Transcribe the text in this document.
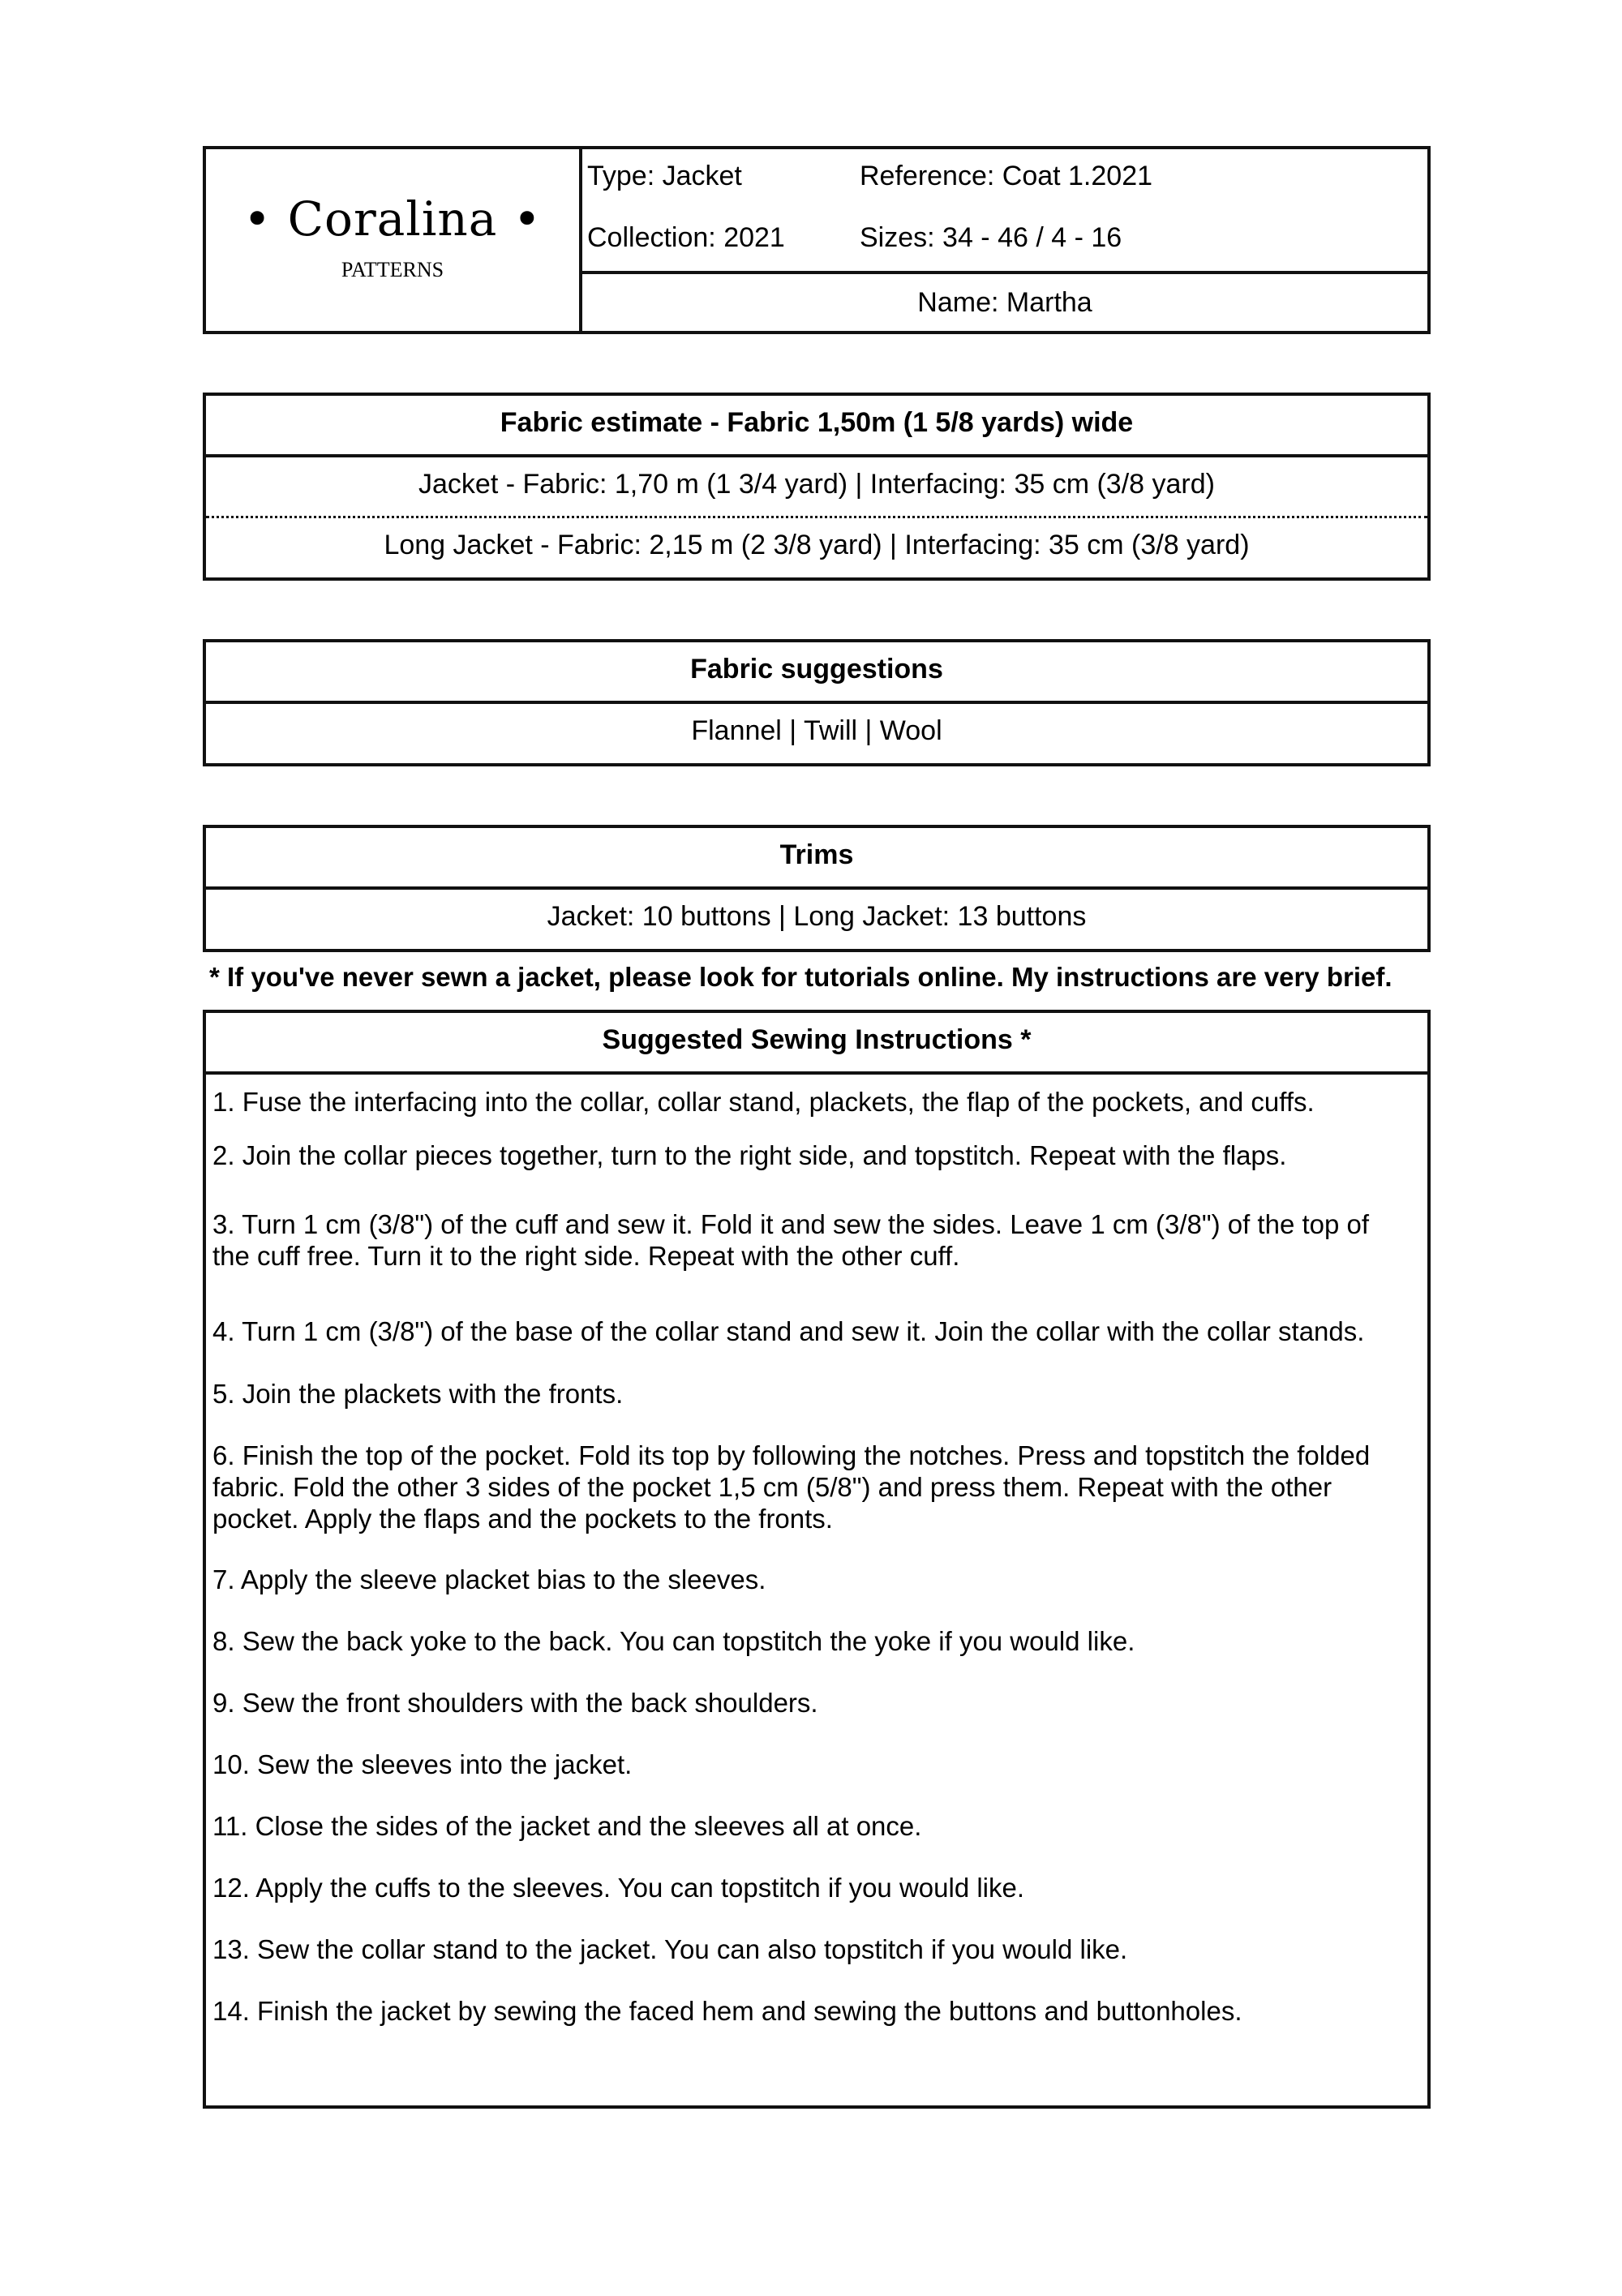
• Coralina •
PATTERNS
Type: Jacket	Reference: Coat 1.2021
Collection: 2021	Sizes: 34 - 46 / 4 - 16
Name: Martha
Fabric estimate - Fabric 1,50m (1 5/8 yards) wide
Jacket - Fabric: 1,70 m (1 3/4 yard) | Interfacing: 35 cm (3/8 yard)
Long Jacket - Fabric: 2,15 m (2 3/8 yard) | Interfacing: 35 cm (3/8 yard)
Fabric suggestions
Flannel | Twill | Wool
Trims
Jacket: 10 buttons | Long Jacket: 13 buttons
* If you've never sewn a jacket, please look for tutorials online. My instructions are very brief.
Suggested Sewing Instructions *
1. Fuse the interfacing into the collar, collar stand, plackets, the flap of the pockets, and cuffs.
2. Join the collar pieces together, turn to the right side, and topstitch. Repeat with the flaps.
3. Turn 1 cm (3/8") of the cuff and sew it. Fold it and sew the sides. Leave 1 cm (3/8") of the top of the cuff free. Turn it to the right side. Repeat with the other cuff.
4. Turn 1 cm (3/8") of the base of the collar stand and sew it. Join the collar with the collar stands.
5. Join the plackets with the fronts.
6. Finish the top of the pocket. Fold its top by following the notches. Press and topstitch the folded fabric. Fold the other 3 sides of the pocket 1,5 cm (5/8") and press them. Repeat with the other pocket. Apply the flaps and the pockets to the fronts.
7. Apply the sleeve placket bias to the sleeves.
8. Sew the back yoke to the back. You can topstitch the yoke if you would like.
9. Sew the front shoulders with the back shoulders.
10. Sew the sleeves into the jacket.
11. Close the sides of the jacket and the sleeves all at once.
12. Apply the cuffs to the sleeves. You can topstitch if you would like.
13. Sew the collar stand to the jacket. You can also topstitch if you would like.
14. Finish the jacket by sewing the faced hem and sewing the buttons and buttonholes.
